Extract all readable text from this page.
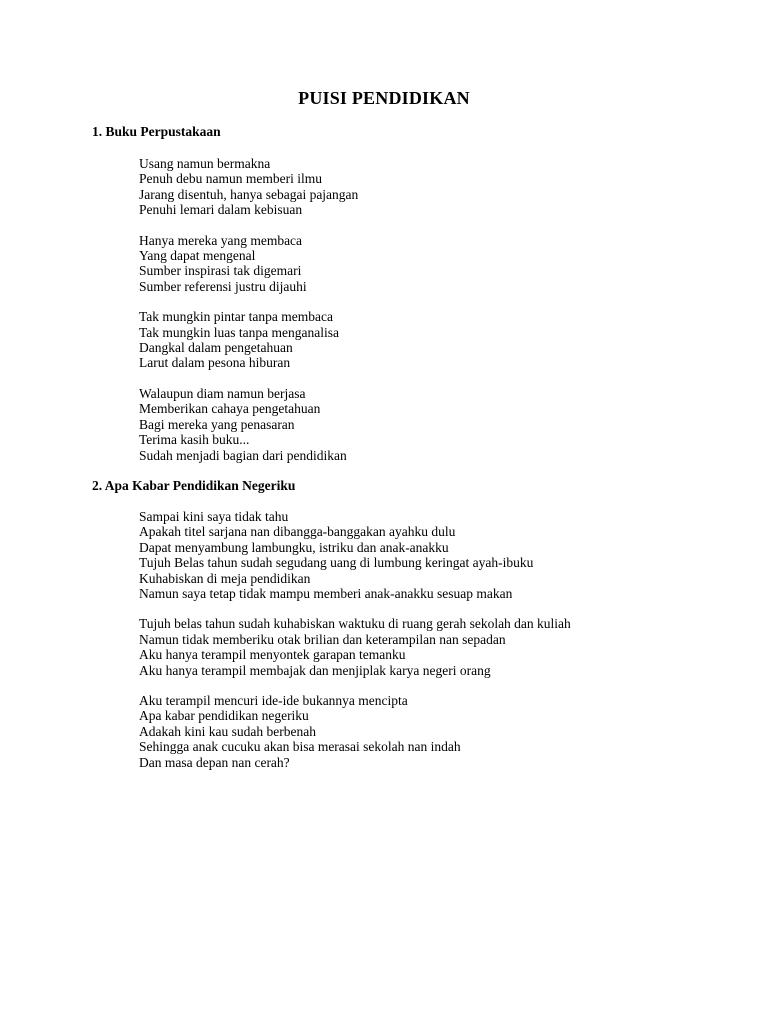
PUISI PENDIDIKAN
1. Buku Perpustakaan
Usang namun bermakna
Penuh debu namun memberi ilmu
Jarang disentuh, hanya sebagai pajangan
Penuhi lemari dalam kebisuan
Hanya mereka yang membaca
Yang dapat mengenal
Sumber inspirasi tak digemari
Sumber referensi justru dijauhi
Tak mungkin pintar tanpa membaca
Tak mungkin luas tanpa menganalisa
Dangkal dalam pengetahuan
Larut dalam pesona hiburan
Walaupun diam namun berjasa
Memberikan cahaya pengetahuan
Bagi mereka yang penasaran
Terima kasih buku...
Sudah menjadi bagian dari pendidikan
2. Apa Kabar Pendidikan Negeriku
Sampai kini saya tidak tahu
Apakah titel sarjana nan dibangga-banggakan ayahku dulu
Dapat menyambung lambungku, istriku dan anak-anakku
Tujuh Belas tahun sudah segudang uang di lumbung keringat ayah-ibuku
Kuhabiskan di meja pendidikan
Namun saya tetap tidak mampu memberi anak-anakku sesuap makan
Tujuh belas tahun sudah kuhabiskan waktuku di ruang gerah sekolah dan kuliah
Namun tidak memberiku otak brilian dan keterampilan nan sepadan
Aku hanya terampil menyontek garapan temanku
Aku hanya terampil membajak dan menjiplak karya negeri orang
Aku terampil mencuri ide-ide bukannya mencipta
Apa kabar pendidikan negeriku
Adakah kini kau sudah berbenah
Sehingga anak cucuku akan bisa merasai sekolah nan indah
Dan masa depan nan cerah?
